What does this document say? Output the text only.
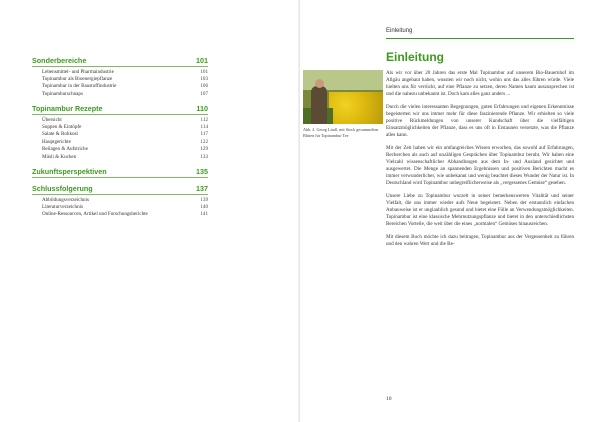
Sonderbereiche	101
Lebensmittel- und Pharmaindustrie	101
Topinambur als Bioenergiepflanze	103
Topinambur in der Baustoffindustrie	106
Topinamburschnaps	107
Topinambur Rezepte	110
Übersicht	112
Suppen & Eintöpfe	114
Salate & Rohkost	117
Hauptgerichte	122
Beilagen & Aufstriche	129
Müsli & Kuchen	133
Zukunftsperspektiven	135
Schlussfolgerung	137
Abbildungsverzeichnis	139
Literaturverzeichnis	140
Online-Ressourcen, Artikel und Forschungsberichte	141
Einleitung
Einleitung
Abb. 2. Georg Lindl, mit Stock gesammelten Blüten für Topinambur Tee

Als wir vor über 20 Jahren das erste Mal Topinambur auf unserem Bio-Bauernhof im Allgäu angebaut haben, wussten wir noch nicht, wohin uns das alles führen würde. Viele hielten uns für verrückt, auf eine Pflanze zu setzen, deren Namen kaum auszusprechen ist und die nahezu unbekannt ist. Doch kam alles ganz anders ...

Durch die vielen interessanten Begegnungen, guten Erfahrungen und eigenen Erkenntnisse begeisterten wir uns immer mehr für diese faszinierende Pflanze. Wir erhielten so viele positive Rückmeldungen von unserer Kundschaft über die vielfältigen Einsatzmöglichkeiten der Pflanze, dass es uns oft in Erstaunen versetzte, was die Pflanze alles kann.

Mit der Zeit haben wir ein umfangreiches Wissen erworben, das sowohl auf Erfahrungen, Recherchen als auch auf unzähligen Gesprächen über Topinambur beruht. Wir haben eine Vielzahl wissenschaftlicher Abhandlungen aus dem In- und Ausland gesichtet und ausgewertet. Die Menge an spannenden Ergebnissen und positiven Berichten macht es immer verwunderlicher, wie unbekannt und wenig beachtet dieses Wunder der Natur ist. In Deutschland wird Topinambur unbegreiflicherweise als „vergessenes Gemüse“ gesehen.

Unsere Liebe zu Topinambur wurzelt in seiner bemerkenswerten Vitalität und seiner Vielfalt, die uns immer wieder aufs Neue begeistert. Neben der erstaunlich einfachen Anbauweise ist er unglaublich gesund und bietet eine Fülle an Verwendungsmöglichkeiten. Topinambur ist eine klassische Mehrnutzungspflanze und bietet in den unterschiedlichsten Bereichen Vorteile, die weit über die eines „normalen“ Gemüses hinausreichen.

Mit diesem Buch möchte ich dazu beitragen, Topinambur aus der Vergessenheit zu führen und den wahren Wert und die Be-

10
